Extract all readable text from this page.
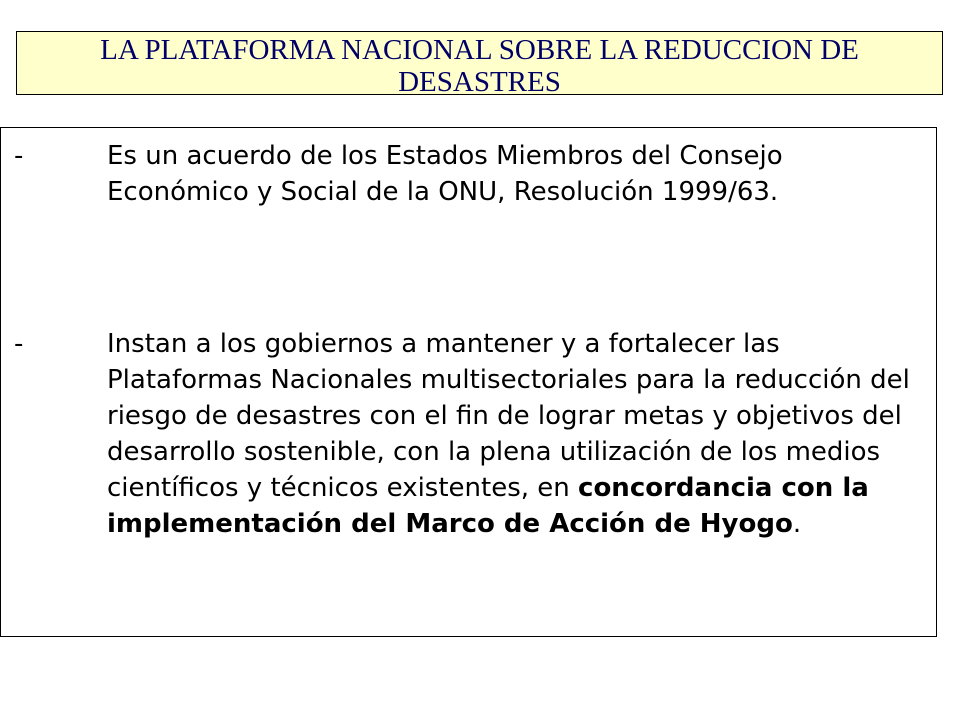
LA PLATAFORMA NACIONAL SOBRE LA REDUCCION DE DESASTRES
-	Es un acuerdo de los Estados Miembros del Consejo Económico y Social de la ONU, Resolución 1999/63.
-	Instan a los gobiernos a mantener y a fortalecer las Plataformas Nacionales multisectoriales para la reducción del riesgo de desastres con el fin de lograr metas y objetivos del desarrollo sostenible, con la plena utilización de los medios científicos y técnicos existentes, en concordancia con la implementación del Marco de Acción de Hyogo.
